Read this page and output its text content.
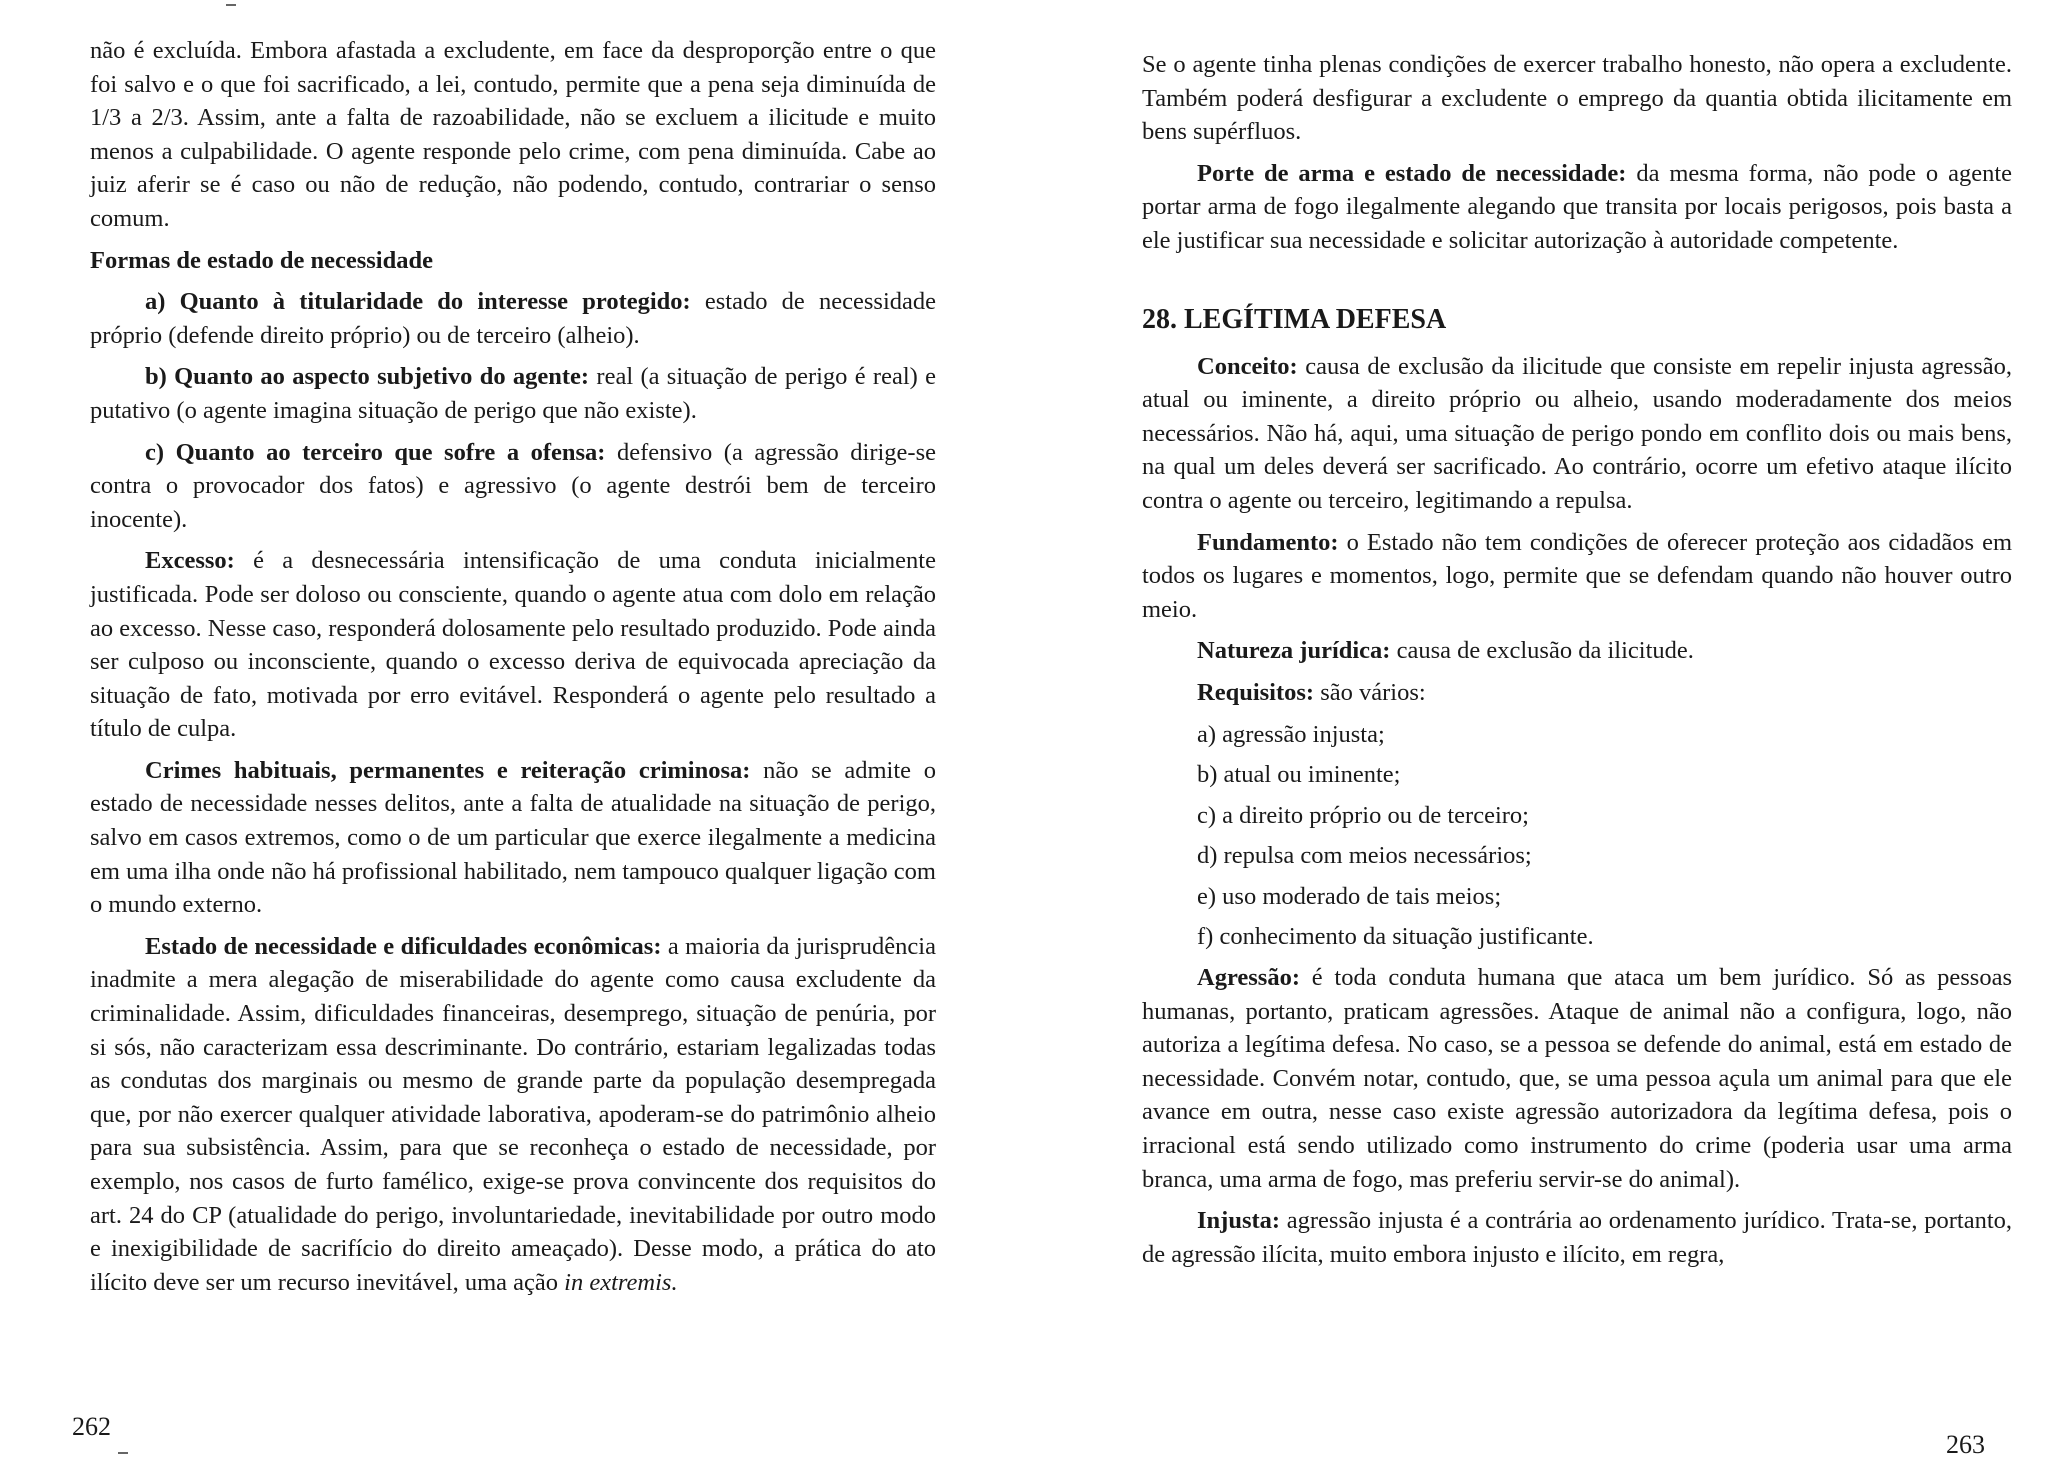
não é excluída. Embora afastada a excludente, em face da desproporção entre o que foi salvo e o que foi sacrificado, a lei, contudo, permite que a pena seja diminuída de 1/3 a 2/3. Assim, ante a falta de razoabilidade, não se excluem a ilicitude e muito menos a culpabilidade. O agente responde pelo crime, com pena diminuída. Cabe ao juiz aferir se é caso ou não de redução, não podendo, contudo, contrariar o senso comum.

Formas de estado de necessidade

a) Quanto à titularidade do interesse protegido: estado de necessidade próprio (defende direito próprio) ou de terceiro (alheio).

b) Quanto ao aspecto subjetivo do agente: real (a situação de perigo é real) e putativo (o agente imagina situação de perigo que não existe).

c) Quanto ao terceiro que sofre a ofensa: defensivo (a agressão dirige-se contra o provocador dos fatos) e agressivo (o agente destrói bem de terceiro inocente).

Excesso: é a desnecessária intensificação de uma conduta inicialmente justificada. Pode ser doloso ou consciente, quando o agente atua com dolo em relação ao excesso. Nesse caso, responderá dolosamente pelo resultado produzido. Pode ainda ser culposo ou inconsciente, quando o excesso deriva de equivocada apreciação da situação de fato, motivada por erro evitável. Responderá o agente pelo resultado a título de culpa.

Crimes habituais, permanentes e reiteração criminosa: não se admite o estado de necessidade nesses delitos, ante a falta de atualidade na situação de perigo, salvo em casos extremos, como o de um particular que exerce ilegalmente a medicina em uma ilha onde não há profissional habilitado, nem tampouco qualquer ligação com o mundo externo.

Estado de necessidade e dificuldades econômicas: a maioria da jurisprudência inadmite a mera alegação de miserabilidade do agente como causa excludente da criminalidade. Assim, dificuldades financeiras, desemprego, situação de penúria, por si sós, não caracterizam essa descriminante. Do contrário, estariam legalizadas todas as condutas dos marginais ou mesmo de grande parte da população desempregada que, por não exercer qualquer atividade laborativa, apoderam-se do patrimônio alheio para sua subsistência. Assim, para que se reconheça o estado de necessidade, por exemplo, nos casos de furto famélico, exige-se prova convincente dos requisitos do art. 24 do CP (atualidade do perigo, involuntariedade, inevitabilidade por outro modo e inexigibilidade de sacrifício do direito ameaçado). Desse modo, a prática do ato ilícito deve ser um recurso inevitável, uma ação in extremis.

262

Se o agente tinha plenas condições de exercer trabalho honesto, não opera a excludente. Também poderá desfigurar a excludente o emprego da quantia obtida ilicitamente em bens supérfluos.

Porte de arma e estado de necessidade: da mesma forma, não pode o agente portar arma de fogo ilegalmente alegando que transita por locais perigosos, pois basta a ele justificar sua necessidade e solicitar autorização à autoridade competente.

28. LEGÍTIMA DEFESA

Conceito: causa de exclusão da ilicitude que consiste em repelir injusta agressão, atual ou iminente, a direito próprio ou alheio, usando moderadamente dos meios necessários. Não há, aqui, uma situação de perigo pondo em conflito dois ou mais bens, na qual um deles deverá ser sacrificado. Ao contrário, ocorre um efetivo ataque ilícito contra o agente ou terceiro, legitimando a repulsa.

Fundamento: o Estado não tem condições de oferecer proteção aos cidadãos em todos os lugares e momentos, logo, permite que se defendam quando não houver outro meio.

Natureza jurídica: causa de exclusão da ilicitude.

Requisitos: são vários:

a) agressão injusta;
b) atual ou iminente;
c) a direito próprio ou de terceiro;
d) repulsa com meios necessários;
e) uso moderado de tais meios;
f) conhecimento da situação justificante.

Agressão: é toda conduta humana que ataca um bem jurídico. Só as pessoas humanas, portanto, praticam agressões. Ataque de animal não a configura, logo, não autoriza a legítima defesa. No caso, se a pessoa se defende do animal, está em estado de necessidade. Convém notar, contudo, que, se uma pessoa açula um animal para que ele avance em outra, nesse caso existe agressão autorizadora da legítima defesa, pois o irracional está sendo utilizado como instrumento do crime (poderia usar uma arma branca, uma arma de fogo, mas preferiu servir-se do animal).

Injusta: agressão injusta é a contrária ao ordenamento jurídico. Trata-se, portanto, de agressão ilícita, muito embora injusto e ilícito, em regra,

263
